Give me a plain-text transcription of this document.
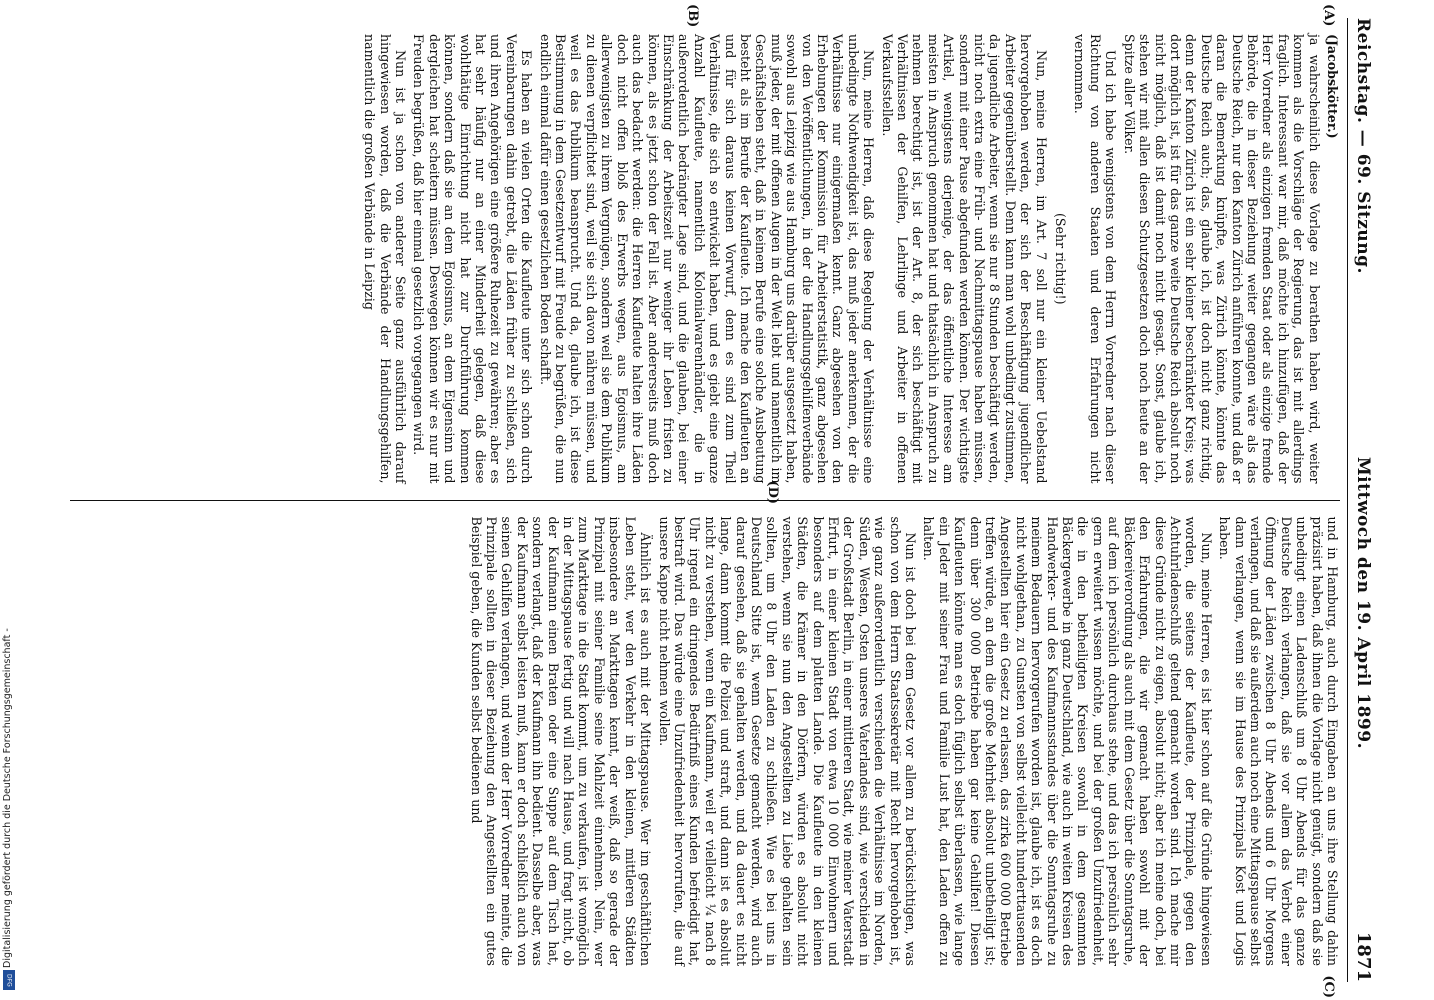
Reichstag. — 69. Sitzung.
Mittwoch den 19. April 1899.
1871
(A)
(B)

(Jacobskötter.)

ja wahrscheinlich diese Vorlage zu berathen haben wird, weiter kommen als die Vorschläge der Regierung, das ist mit allerdings fraglich. Interessant war mir, daß möchte ich hinzufügen, daß der Herr Vorredner als einzigen fremden Staat oder als einzige fremde Behörde, die in dieser Beziehung weiter gegangen wäre als das Deutsche Reich, nur den Kanton Zürich anführen konnte, und daß er daran die Bemerkung knüpfte, was Zürich könnte, könnte das Deutsche Reich auch; das, glaube ich, ist doch nicht ganz richtig, denn der Kanton Zürich ist ein sehr kleiner beschränkter Kreis; was dort möglich ist, ist für das ganze weite Deutsche Reich absolut noch nicht möglich, daß ist damit noch nicht gesagt. Sonst, glaube ich, stehen wir mit allen diesen Schutzgesetzen doch noch heute an der Spitze aller Völker.

Und ich habe wenigstens von dem Herrn Vorredner nach dieser Richtung von anderen Staaten und deren Erfahrungen nicht vernommen.

(Sehr richtig!)

Nun, meine Herren, im Art. 7 soll nur ein kleiner Uebelstand hervorgehoben werden, der sich der Beschäftigung jugendlicher Arbeiter gegenüberstellt. Denn kann man wohl unbedingt zustimmen, da jugendliche Arbeiter, wenn sie nur 8 Stunden beschäftigt werden, nicht noch extra eine Früh- und Nachmittagspause haben müssen, sondern mit einer Pause abgefunden werden können. Der wichtigste Artikel, wenigstens derjenige, der das öffentliche Interesse am meisten in Anspruch genommen hat und thatsächlich in Anspruch zu nehmen berechtigt ist, ist der Art. 8, der sich beschäftigt mit Verhältnissen der Gehilfen, Lehrlinge und Arbeiter in offenen Verkaufsstellen.

Nun, meine Herren, daß diese Regelung der Verhältnisse eine unbedingte Nothwendigkeit ist, das muß jeder anerkennen, der die Verhältnisse nur einigermaßen kennt. Ganz abgesehen von den Erhebungen der Kommission für Arbeiterstatistik, ganz abgesehen von den Veröffentlichungen, in der die Handlungsgehilfenverbände sowohl aus Leipzig wie aus Hamburg uns darüber ausgesetzt haben, muß jeder, der mit offenen Augen in der Welt lebt und namentlich im Geschäftsleben steht, daß in keinem Berufe eine solche Ausbeutung besteht als im Berufe der Kaufleute. Ich mache den Kaufleuten an und für sich daraus keinen Vorwurf, denn es sind zum Theil Verhältnisse, die sich so entwickelt haben, und es giebt eine ganze Anzahl Kaufleute, namentlich Kolonialwarenhändler, die in außerordentlich bedrängter Lage sind, und die glauben, bei einer Einschränkung der Arbeitszeit nur weniger ihr Leben fristen zu können, als es jetzt schon der Fall ist. Aber andererseits muß doch auch das bedacht werden: die Herren Kaufleute halten ihre Läden doch nicht offen bloß des Erwerbs wegen, aus Egoismus, am allerwenigsten zu ihrem Vergnügen, sondern weil sie dem Publikum zu dienen verpflichtet sind, weil sie sich davon nähren müssen, und weil es das Publikum beansprucht. Und da, glaube ich, ist diese Bestimmung in dem Gesetzentwurf mit Freude zu begrüßen, die nun endlich einmal dafür einen gesetzlichen Boden schafft.

Es haben an vielen Orten die Kaufleute unter sich schon durch Vereinbarungen dahin getrebt, die Läden früher zu schließen, sich und ihren Angehörigen eine größere Ruhezeit zu gewähren; aber es hat sehr häufig nur an einer Minderheit gelegen, daß diese wohlthätige Einrichtung nicht hat zur Durchführung kommen können, sondern daß sie an dem Egoismus, an dem Eigensinn und dergleichen hat scheitern müssen. Deswegen können wir es nur mit Freuden begrüßen, daß hier einmal gesetzlich vorgegangen wird.

Nun ist ja schon von anderer Seite ganz ausführlich darauf hingewiesen worden, daß die Verbände der Handlungsgehilfen, namentlich die großen Verbände in Leipzig

(C)
(D)

und in Hamburg, auch durch Eingaben an uns ihre Stellung dahin präzisirt haben, daß ihnen die Vorlage nicht genügt, sondern daß sie unbedingt einen Ladenschluß um 8 Uhr Abends für das ganze Deutsche Reich verlangen, daß sie vor allem das Verbot einer Öffnung der Läden zwischen 8 Uhr Abends und 6 Uhr Morgens verlangen, und daß sie außerdem auch noch eine Mittagspause selbst dann verlangen, wenn sie im Hause des Prinzipals Kost und Logis haben.

Nun, meine Herren, es ist hier schon auf die Gründe hingewiesen worden, die seitens der Kaufleute, der Prinzipale, gegen den Achtuhrladenschluß geltend gemacht worden sind. Ich mache mir diese Gründe nicht zu eigen, absolut nicht; aber ich meine doch, bei den Erfahrungen, die wir gemacht haben sowohl mit der Bäckereiverordnung als auch mit dem Gesetz über die Sonntagsruhe, auf dem ich persönlich durchaus stehe, und das ich persönlich sehr gern erweitert wissen möchte, und bei der großen Unzufriedenheit, die in den betheiligten Kreisen sowohl in dem gesammten Bäckergewerbe in ganz Deutschland, wie auch in weiten Kreisen des Handwerker- und des Kaufmannsstandes über die Sonntagsruhe zu meinem Bedauern hervorgerufen worden ist, glaube ich, ist es doch nicht wohlgethan, zu Gunsten von selbst vielleicht hunderttausenden Angestellten hier ein Gesetz zu erlassen, das zirka 600 000 Betriebe treffen würde, an dem die große Mehrheit absolut unbetheiligt ist; denn über 300 000 Betriebe haben gar keine Gehilfen! Diesen Kaufleuten könnte man es doch füglich selbst überlassen, wie lange ein Jeder mit seiner Frau und Familie Lust hat, den Laden offen zu halten.

Nun ist doch bei dem Gesetz vor allem zu berücksichtigen, was schon von dem Herrn Staatssekretär mit Recht hervorgehoben ist, wie ganz außerordentlich verschieden die Verhältnisse im Norden, Süden, Westen, Osten unseres Vaterlandes sind, wie verschieden in der Großstadt Berlin, in einer mittleren Stadt, wie meiner Vaterstadt Erfurt, in einer kleinen Stadt von etwa 10 000 Einwohnern und besonders auf dem platten Lande. Die Kaufleute in den kleinen Städten, die Krämer in den Dörfern, würden es absolut nicht verstehen, wenn sie nun den Angestellten zu Liebe gehalten sein sollten, um 8 Uhr den Laden zu schließen. Wie es bei uns in Deutschland Sitte ist, wenn Gesetze gemacht werden, wird auch darauf gesehen, daß sie gehalten werden, und da dauert es nicht lange, dann kommt die Polizei und straft, und dann ist es absolut nicht zu verstehen, wenn ein Kaufmann, weil er vielleicht ¼ nach 8 Uhr irgend ein dringendes Bedürfniß eines Kunden befriedigt hat, bestraft wird. Das würde eine Unzufriedenheit hervorrufen, die auf unsere Kappe nicht nehmen wollen.

Ähnlich ist es auch mit der Mittagspause. Wer im geschäftlichen Leben steht, wer den Verkehr in den kleinen, mittleren Städten insbesondere an Markttagen kennt, der weiß, daß so gerade der Prinzipal mit seiner Familie seine Mahlzeit einnehmen. Nein, wer zum Markttage in die Stadt kommt, um zu verkaufen, ist womöglich in der Mittagspause fertig und will nach Hause, und fragt nicht, ob der Kaufmann einen Braten oder eine Suppe auf dem Tisch hat, sondern verlangt, daß der Kaufmann ihn bedient. Dasselbe aber, was der Kaufmann selbst leisten muß, kann er doch schließlich auch von seinen Gehilfen verlangen, und wenn der Herr Vorredner meinte, die Prinzipale sollten in dieser Beziehung den Angestellten ein gutes Beispiel geben, die Kunden selbst bedienen und

Digitalisierung gefördert durch die Deutsche Forschungsgemeinschaft -
DFG
